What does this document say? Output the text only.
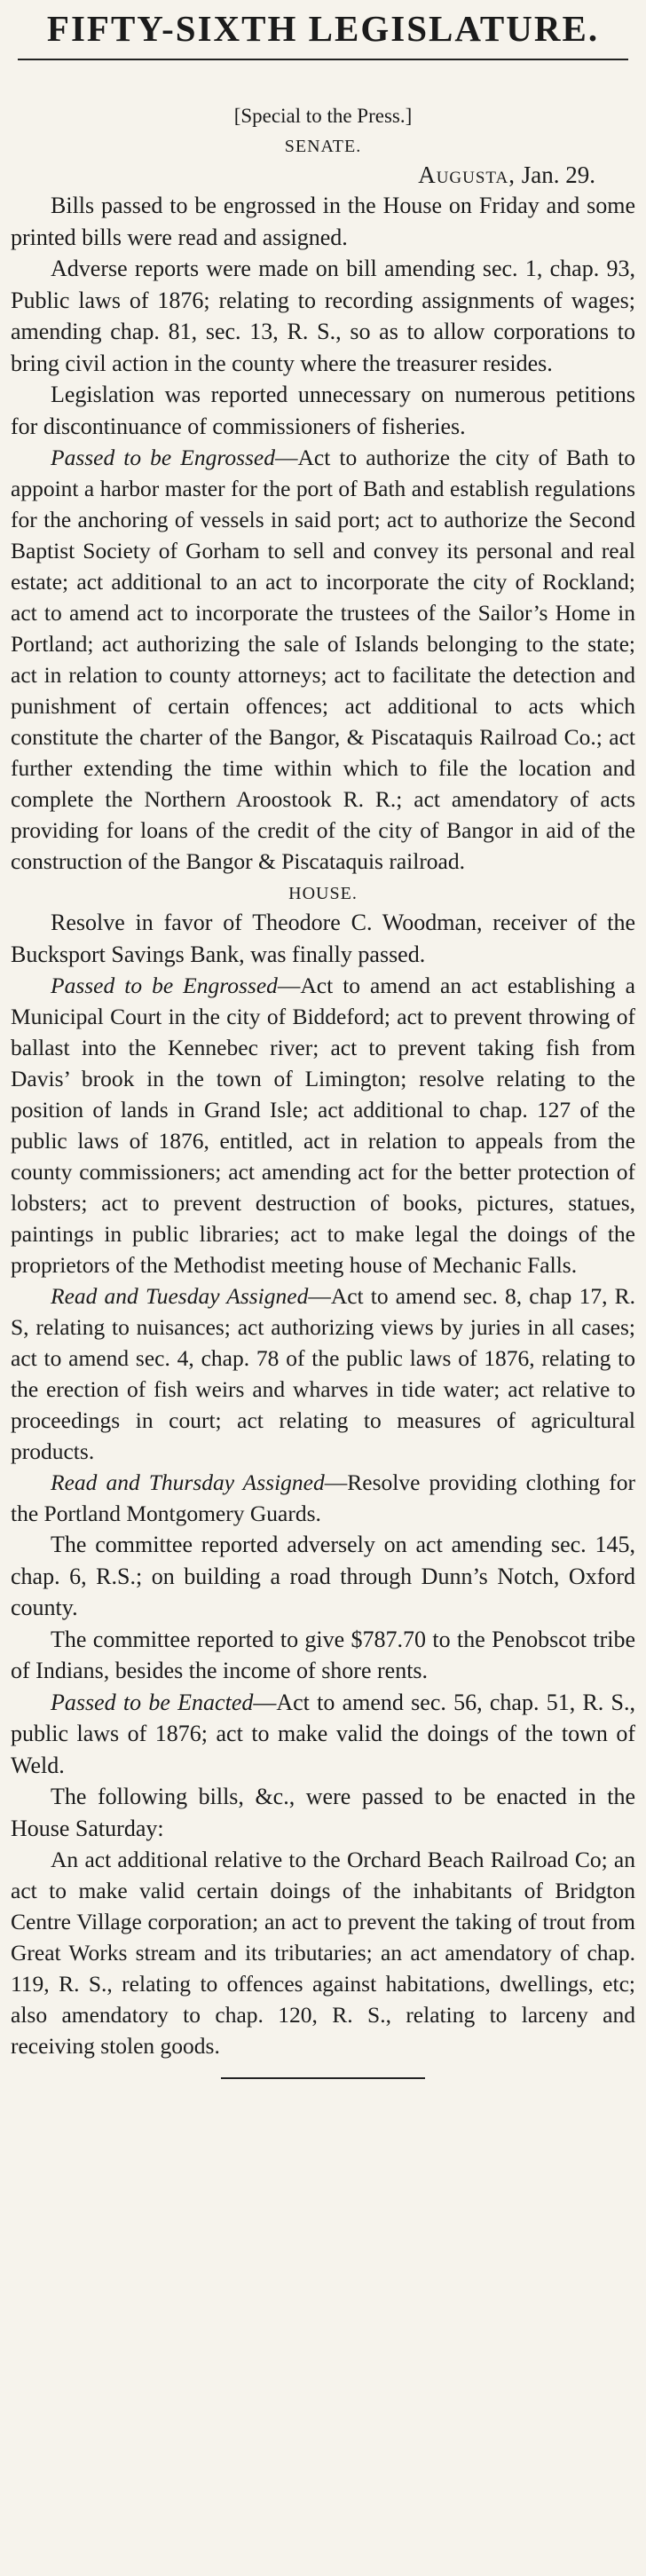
FIFTY-SIXTH LEGISLATURE.
[Special to the Press.]
SENATE.
Augusta, Jan. 29.

Bills passed to be engrossed in the House on Friday and some printed bills were read and assigned.

Adverse reports were made on bill amending sec. 1, chap. 93, Public laws of 1876; relating to recording assignments of wages; amending chap. 81, sec. 13, R. S., so as to allow corporations to bring civil action in the county where the treasurer resides.

Legislation was reported unnecessary on numerous petitions for discontinuance of commissioners of fisheries.

Passed to be Engrossed—Act to authorize the city of Bath to appoint a harbor master for the port of Bath and establish regulations for the anchoring of vessels in said port; act to authorize the Second Baptist Society of Gorham to sell and convey its personal and real estate; act additional to an act to incorporate the city of Rockland; act to amend act to incorporate the trustees of the Sailor’s Home in Portland; act authorizing the sale of Islands belonging to the state; act in relation to county attorneys; act to facilitate the detection and punishment of certain offences; act additional to acts which constitute the charter of the Bangor, & Piscataquis Railroad Co.; act further extending the time within which to file the location and complete the Northern Aroostook R. R.; act amendatory of acts providing for loans of the credit of the city of Bangor in aid of the construction of the Bangor & Piscataquis railroad.

HOUSE.

Resolve in favor of Theodore C. Woodman, receiver of the Bucksport Savings Bank, was finally passed.

Passed to be Engrossed—Act to amend an act establishing a Municipal Court in the city of Biddeford; act to prevent throwing of ballast into the Kennebec river; act to prevent taking fish from Davis’ brook in the town of Limington; resolve relating to the position of lands in Grand Isle; act additional to chap. 127 of the public laws of 1876, entitled, act in relation to appeals from the county commissioners; act amending act for the better protection of lobsters; act to prevent destruction of books, pictures, statues, paintings in public libraries; act to make legal the doings of the proprietors of the Methodist meeting house of Mechanic Falls.

Read and Tuesday Assigned—Act to amend sec. 8, chap 17, R. S, relating to nuisances; act authorizing views by juries in all cases; act to amend sec. 4, chap. 78 of the public laws of 1876, relating to the erection of fish weirs and wharves in tide water; act relative to proceedings in court; act relating to measures of agricultural products.

Read and Thursday Assigned—Resolve providing clothing for the Portland Montgomery Guards.

The committee reported adversely on act amending sec. 145, chap. 6, R.S.; on building a road through Dunn’s Notch, Oxford county.

The committee reported to give $787.70 to the Penobscot tribe of Indians, besides the income of shore rents.

Passed to be Enacted—Act to amend sec. 56, chap. 51, R. S., public laws of 1876; act to make valid the doings of the town of Weld.

The following bills, &c., were passed to be enacted in the House Saturday:

An act additional relative to the Orchard Beach Railroad Co; an act to make valid certain doings of the inhabitants of Bridgton Centre Village corporation; an act to prevent the taking of trout from Great Works stream and its tributaries; an act amendatory of chap. 119, R. S., relating to offences against habitations, dwellings, etc; also amendatory to chap. 120, R. S., relating to larceny and receiving stolen goods.
